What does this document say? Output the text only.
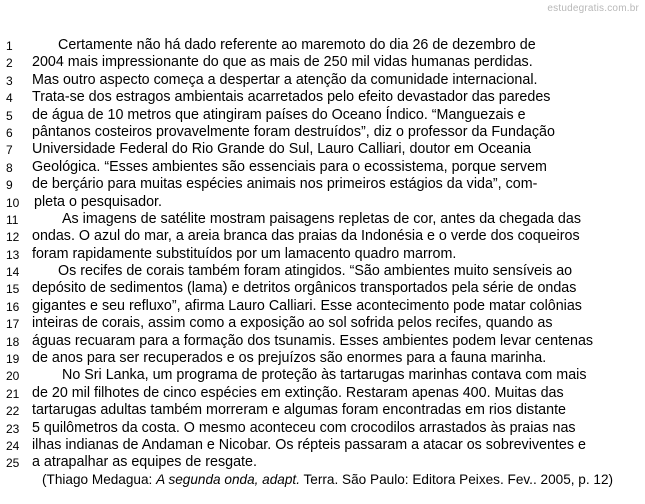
estudegratis.com.br
1	Certamente não há dado referente ao maremoto do dia 26 de dezembro de
2	2004 mais impressionante do que as mais de 250 mil vidas humanas perdidas.
3	Mas outro aspecto começa a despertar a atenção da comunidade internacional.
4	Trata-se dos estragos ambientais acarretados pelo efeito devastador das paredes
5	de água de 10 metros que atingiram países do Oceano Índico. “Manguezais e
6	pântanos costeiros provavelmente foram destruídos”, diz o professor da Fundação
7	Universidade Federal do Rio Grande do Sul, Lauro Calliari, doutor em Oceania
8	Geológica. “Esses ambientes são essenciais para o ecossistema, porque servem
9	de berçário para muitas espécies animais nos primeiros estágios da vida”, com-
10 pleta o pesquisador.
11	As imagens de satélite mostram paisagens repletas de cor, antes da chegada das
12 ondas. O azul do mar, a areia branca das praias da Indonésia e o verde dos coqueiros
13 foram rapidamente substituídos por um lamacento quadro marrom.
14	Os recifes de corais também foram atingidos. “São ambientes muito sensíveis ao
15 depósito de sedimentos (lama) e detritos orgânicos transportados pela série de ondas
16 gigantes e seu refluxo”, afirma Lauro Calliari. Esse acontecimento pode matar colônias
17 inteiras de corais, assim como a exposição ao sol sofrida pelos recifes, quando as
18 águas recuaram para a formação dos tsunamis. Esses ambientes podem levar centenas
19 de anos para ser recuperados e os prejuízos são enormes para a fauna marinha.
20	No Sri Lanka, um programa de proteção às tartarugas marinhas contava com mais
21 de 20 mil filhotes de cinco espécies em extinção. Restaram apenas 400. Muitas das
22 tartarugas adultas também morreram e algumas foram encontradas em rios distante
23 5 quilômetros da costa. O mesmo aconteceu com crocodilos arrastados às praias nas
24 ilhas indianas de Andaman e Nicobar. Os répteis passaram a atacar os sobreviventes e
25 a atrapalhar as equipes de resgate.
(Thiago Medagua: A segunda onda, adapt. Terra. São Paulo: Editora Peixes. Fev.. 2005, p. 12)
